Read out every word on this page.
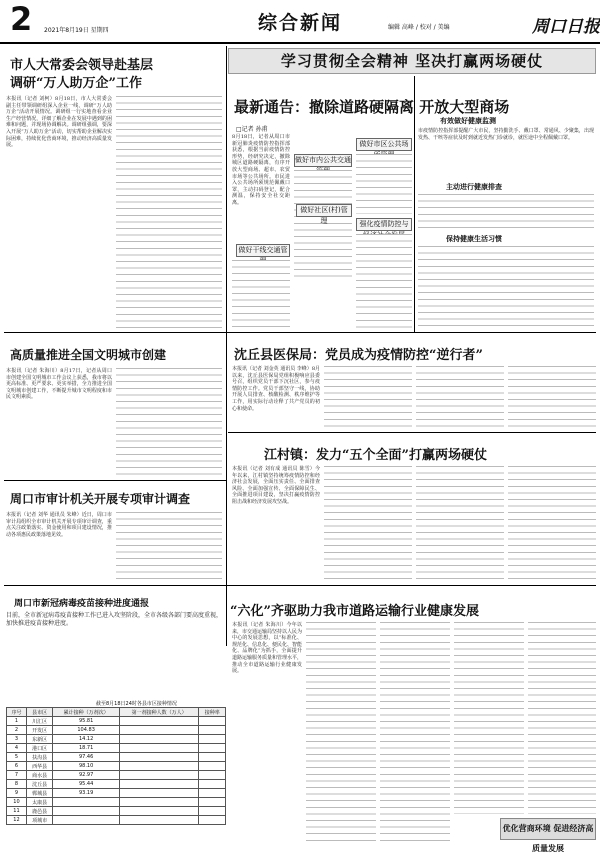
2 2021年8月19日 星期四	综合新闻	编辑 高峰 / 校对 / 美编	周口日报
学习贯彻全会精神 坚决打赢两场硬仗
市人大常委会领导赴基层
调研“万人助万企”工作
本报讯（记者 刘柯）8月18日，市人大常委会副主任带领调研组深入企业一线，调研“万人助万企”活动开展情况。调研组一行实地查看企业生产经营情况，详细了解企业在发展中遇到的困难和问题，并现场协调解决。调研组强调，要深入开展“万人助万企”活动，切实帮助企业解决实际困难，持续优化营商环境，推动经济高质量发展。
最新通告：撤除道路硬隔离 开放大型商场
□记者 孙甫
8月18日，记者从周口市新冠肺炎疫情防控指挥部获悉，根据当前疫情防控形势，经研究决定，撤除城区道路硬隔离，有序开放大型商场、超市、农贸市场等公共场所。市民进入公共场所须规范佩戴口罩，主动扫码登记，配合测温，保持安全社交距离。
做好市内公共交通
做好市区公共场
做好社区(村)管理
做好干线交通管
强化疫情防控与
有效做好健康监测
市疫情防控指挥部提醒广大市民，坚持勤洗手、戴口罩、常通风、少聚集，出现发热、干咳等症状及时到就近发热门诊就诊，就医途中全程佩戴口罩。
主动进行健康排查
保持健康生活习惯
沈丘县医保局：党员成为疫情防控“逆行者”
本报讯（记者 刘金英 通讯员 李峰）8月以来，沈丘县医保局党组积极响应县委号召，组织党员干部下沉社区，参与疫情防控工作。党员干部坚守一线，协助开展人员排查、核酸检测、秩序维护等工作，用实际行动诠释了共产党员的初心和使命。
高质量推进全国文明城市创建
本报讯（记者 朱海川）8月17日，记者从周口市创建全国文明城市工作会议上获悉，我市将以更高标准、更严要求、更实举措，全力推进全国文明城市创建工作，不断提升城市文明程度和市民文明素质。
江村镇：发力“五个全面”打赢两场硬仗
本报讯（记者 刘有成 通讯员 陈雪）今年以来，江村镇坚持统筹疫情防控和经济社会发展，全面压实责任、全面排查风险、全面加强宣传、全面保障民生、全面推进项目建设，坚决打赢疫情防控阻击战和经济发展攻坚战。
周口市审计机关开展专项审计调查
本报讯（记者 刘华 通讯员 朱峰）近日，周口市审计局组织全市审计机关开展专项审计调查，重点关注政策落实、资金使用和项目建设情况，推动各项惠民政策落地见效。
“六化”齐驱助力我市道路运输行业健康发展
本报讯（记者 朱海川）今年以来，市交通运输局坚持以人民为中心的发展思想，以“标准化、规范化、信息化、便民化、智能化、品牌化”为抓手，全面提升道路运输服务质量和管理水平，推动全市道路运输行业健康发展。
优化营商环境 促进经济高质量发展
周口市新冠病毒疫苗接种进度通报
目前，全市新冠病毒疫苗接种工作已进入攻坚阶段，全市各级各部门要高度重视，加快推进疫苗接种进度。
截至8月18日24时各县市区接种情况
序号	县市区	累计接种（万剂次）	第一剂接种人数（万人）	接种率
1	川汇区	95.81		
2	开发区	104.83		
3	东新区	14.12		
4	港口区	18.71		
5	扶沟县	97.46		
6	西华县	98.10		
7	商水县	92.97		
8	沈丘县	95.44		
9	郸城县	93.19		
10	太康县			
11	鹿邑县			
12	项城市			
